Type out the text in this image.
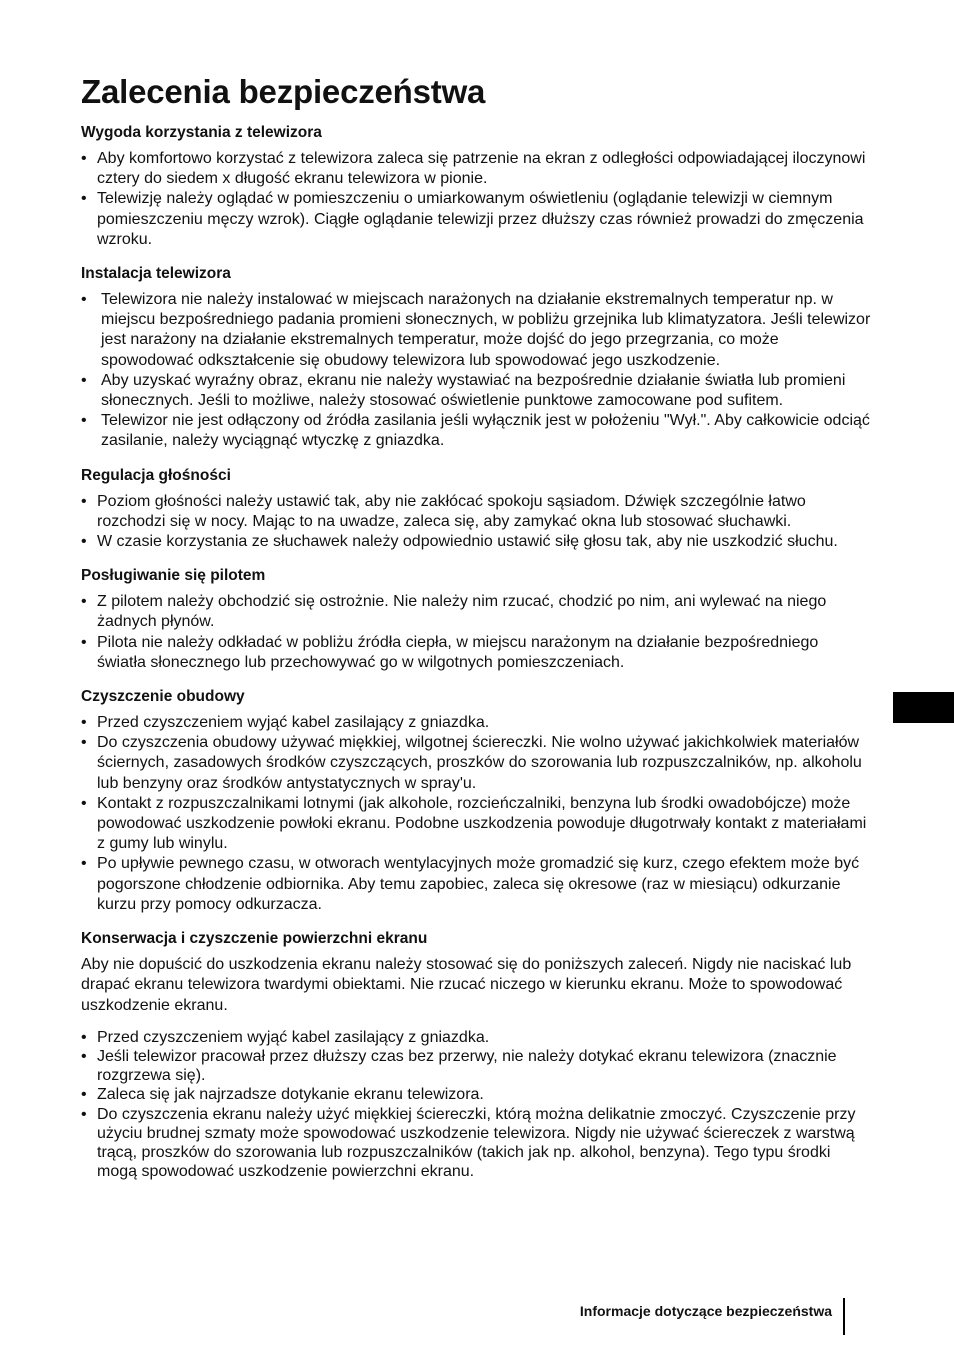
Zalecenia bezpieczeństwa
Wygoda korzystania z telewizora
• Aby komfortowo korzystać z telewizora zaleca się patrzenie na ekran z odległości odpowiadającej iloczynowi cztery do siedem x długość ekranu telewizora w pionie.
• Telewizję należy oglądać w pomieszczeniu o umiarkowanym oświetleniu (oglądanie telewizji w ciemnym pomieszczeniu męczy wzrok). Ciągłe oglądanie telewizji przez dłuższy czas również prowadzi do zmęczenia wzroku.
Instalacja telewizora
• Telewizora nie należy instalować w miejscach narażonych na działanie ekstremalnych temperatur np. w miejscu bezpośredniego padania promieni słonecznych, w pobliżu grzejnika lub klimatyzatora. Jeśli telewizor jest narażony na działanie ekstremalnych temperatur, może dojść do jego przegrzania, co może spowodować odkształcenie się obudowy telewizora lub spowodować jego uszkodzenie.
• Aby uzyskać wyraźny obraz, ekranu nie należy wystawiać na bezpośrednie działanie światła lub promieni słonecznych. Jeśli to możliwe, należy stosować oświetlenie punktowe zamocowane pod sufitem.
• Telewizor nie jest odłączony od źródła zasilania jeśli wyłącznik jest w położeniu "Wył.". Aby całkowicie odciąć zasilanie, należy wyciągnąć wtyczkę z gniazdka.
Regulacja głośności
• Poziom głośności należy ustawić tak, aby nie zakłócać spokoju sąsiadom. Dźwięk szczególnie łatwo rozchodzi się w nocy. Mając to na uwadze, zaleca się, aby zamykać okna lub stosować słuchawki.
• W czasie korzystania ze słuchawek należy odpowiednio ustawić siłę głosu tak, aby nie uszkodzić słuchu.
Posługiwanie się pilotem
• Z pilotem należy obchodzić się ostrożnie. Nie należy nim rzucać, chodzić po nim, ani wylewać na niego żadnych płynów.
• Pilota nie należy odkładać w pobliżu źródła ciepła, w miejscu narażonym na działanie bezpośredniego światła słonecznego lub przechowywać go w wilgotnych pomieszczeniach.
Czyszczenie obudowy
• Przed czyszczeniem wyjąć kabel zasilający z gniazdka.
• Do czyszczenia obudowy używać miękkiej, wilgotnej ściereczki. Nie wolno używać jakichkolwiek materiałów ściernych, zasadowych środków czyszczących, proszków do szorowania lub rozpuszczalników, np. alkoholu lub benzyny oraz środków antystatycznych w spray'u.
• Kontakt z rozpuszczalnikami lotnymi (jak alkohole, rozcieńczalniki, benzyna lub środki owadobójcze) może powodować uszkodzenie powłoki ekranu. Podobne uszkodzenia powoduje długotrwały kontakt z materiałami z gumy lub winylu.
• Po upływie pewnego czasu, w otworach wentylacyjnych może gromadzić się kurz, czego efektem może być pogorszone chłodzenie odbiornika. Aby temu zapobiec, zaleca się okresowe (raz w miesiącu) odkurzanie kurzu przy pomocy odkurzacza.
Konserwacja i czyszczenie powierzchni ekranu

Aby nie dopuścić do uszkodzenia ekranu należy stosować się do poniższych zaleceń. Nigdy nie naciskać lub drapać ekranu telewizora twardymi obiektami. Nie rzucać niczego w kierunku ekranu. Może to spowodować uszkodzenie ekranu.

• Przed czyszczeniem wyjąć kabel zasilający z gniazdka.
• Jeśli telewizor pracował przez dłuższy czas bez przerwy, nie należy dotykać ekranu telewizora (znacznie rozgrzewa się).
• Zaleca się jak najrzadsze dotykanie ekranu telewizora.
• Do czyszczenia ekranu należy użyć miękkiej ściereczki, którą można delikatnie zmoczyć. Czyszczenie przy użyciu brudnej szmaty może spowodować uszkodzenie telewizora. Nigdy nie używać ściereczek z warstwą trącą, proszków do szorowania lub rozpuszczalników (takich jak np. alkohol, benzyna). Tego typu środki mogą spowodować uszkodzenie powierzchni ekranu.
Informacje dotyczące bezpieczeństwa
